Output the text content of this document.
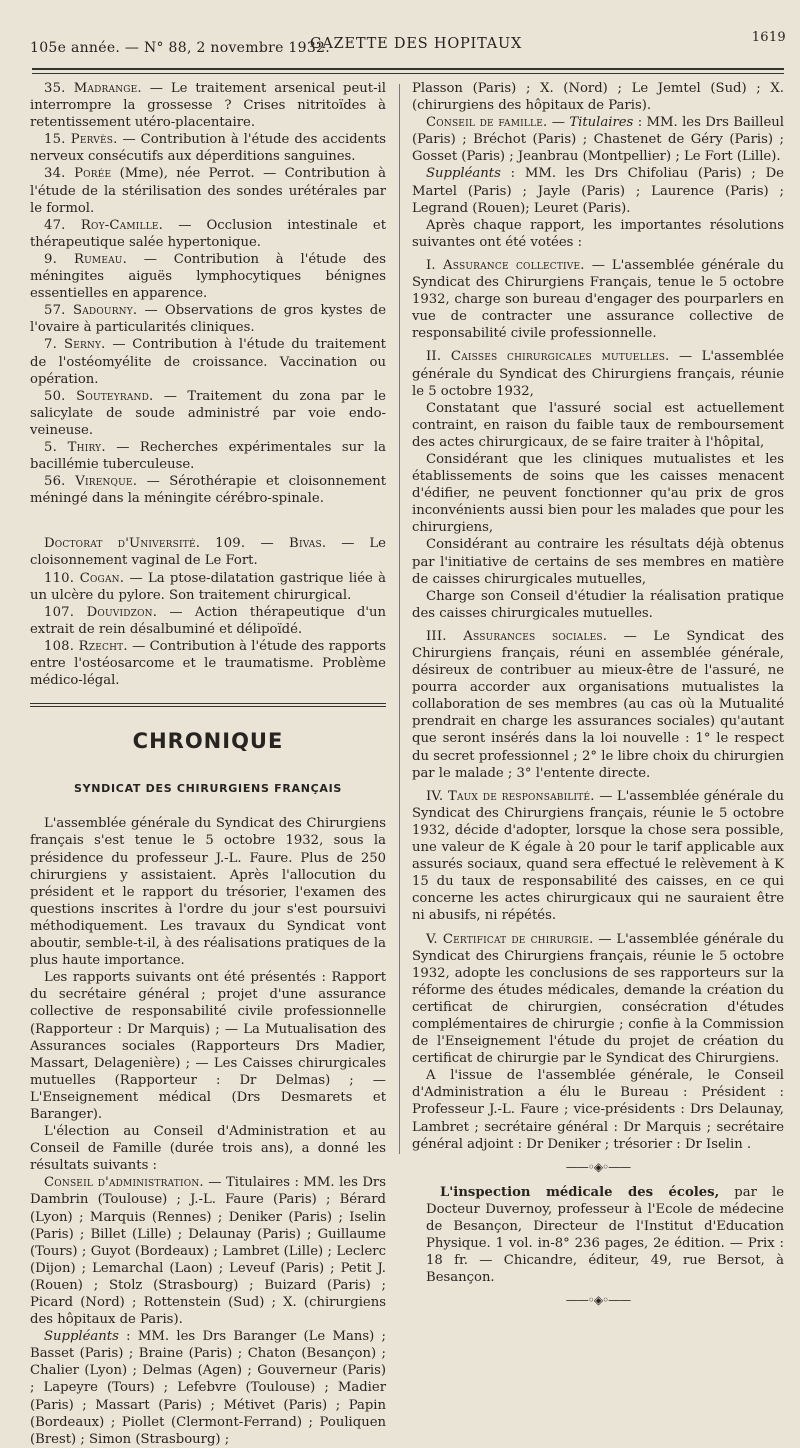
105e année. — N° 88, 2 novembre 1932.
GAZETTE DES HOPITAUX	1619

35. Madrange. — Le traitement arsenical peut-il interrompre la grossesse ? Crises nitritoïdes à retentissement utéro-placentaire.

15. Pervès. — Contribution à l'étude des accidents nerveux consécutifs aux déperditions sanguines.

34. Porée (Mme), née Perrot. — Contribution à l'étude de la stérilisation des sondes urétérales par le formol.

47. Roy-Camille. — Occlusion intestinale et thérapeutique salée hypertonique.

9. Rumeau. — Contribution à l'étude des méningites aiguës lymphocytiques bénignes essentielles en apparence.

57. Sadourny. — Observations de gros kystes de l'ovaire à particularités cliniques.

7. Serny. — Contribution à l'étude du traitement de l'ostéomyélite de croissance. Vaccination ou opération.

50. Souteyrand. — Traitement du zona par le salicylate de soude administré par voie endo-veineuse.

5. Thiry. — Recherches expérimentales sur la bacillémie tuberculeuse.

56. Virenque. — Sérothérapie et cloisonnement méningé dans la méningite cérébro-spinale.

Doctorat d'Université. 109. — Bivas. — Le cloisonnement vaginal de Le Fort.

110. Cogan. — La ptose-dilatation gastrique liée à un ulcère du pylore. Son traitement chirurgical.

107. Douvidzon. — Action thérapeutique d'un extrait de rein désalbuminé et délipoïdé.

108. Rzecht. — Contribution à l'étude des rapports entre l'ostéosarcome et le traumatisme. Problème médico-légal.

CHRONIQUE
SYNDICAT DES CHIRURGIENS FRANÇAIS

L'assemblée générale du Syndicat des Chirurgiens français s'est tenue le 5 octobre 1932, sous la présidence du professeur J.-L. Faure. Plus de 250 chirurgiens y assistaient. Après l'allocution du président et le rapport du trésorier, l'examen des questions inscrites à l'ordre du jour s'est poursuivi méthodiquement. Les travaux du Syndicat vont aboutir, semble-t-il, à des réalisations pratiques de la plus haute importance.

Les rapports suivants ont été présentés : Rapport du secrétaire général ; projet d'une assurance collective de responsabilité civile professionnelle (Rapporteur : Dr Marquis) ; — La Mutualisation des Assurances sociales (Rapporteurs Drs Madier, Massart, Delagenière) ; — Les Caisses chirurgicales mutuelles (Rapporteur : Dr Delmas) ; — L'Enseignement médical (Drs Desmarets et Baranger).

L'élection au Conseil d'Administration et au Conseil de Famille (durée trois ans), a donné les résultats suivants :

Conseil d'administration. — Titulaires : MM. les Drs Dambrin (Toulouse) ; J.-L. Faure (Paris) ; Bérard (Lyon) ; Marquis (Rennes) ; Deniker (Paris) ; Iselin (Paris) ; Billet (Lille) ; Delaunay (Paris) ; Guillaume (Tours) ; Guyot (Bordeaux) ; Lambret (Lille) ; Leclerc (Dijon) ; Lemarchal (Laon) ; Leveuf (Paris) ; Petit J. (Rouen) ; Stolz (Strasbourg) ; Buizard (Paris) ; Picard (Nord) ; Rottenstein (Sud) ; X. (chirurgiens des hôpitaux de Paris).

Suppléants : MM. les Drs Baranger (Le Mans) ; Basset (Paris) ; Braine (Paris) ; Chaton (Besançon) ; Chalier (Lyon) ; Delmas (Agen) ; Gouverneur (Paris) ; Lapeyre (Tours) ; Lefebvre (Toulouse) ; Madier (Paris) ; Massart (Paris) ; Métivet (Paris) ; Papin (Bordeaux) ; Piollet (Clermont-Ferrand) ; Pouliquen (Brest) ; Simon (Strasbourg) ;

Plasson (Paris) ; X. (Nord) ; Le Jemtel (Sud) ; X. (chirurgiens des hôpitaux de Paris).

Conseil de famille. — Titulaires : MM. les Drs Bailleul (Paris) ; Bréchot (Paris) ; Chastenet de Géry (Paris) ; Gosset (Paris) ; Jeanbrau (Montpellier) ; Le Fort (Lille).

Suppléants : MM. les Drs Chifoliau (Paris) ; De Martel (Paris) ; Jayle (Paris) ; Laurence (Paris) ; Legrand (Rouen); Leuret (Paris).

Après chaque rapport, les importantes résolutions suivantes ont été votées :

I. Assurance collective. — L'assemblée générale du Syndicat des Chirurgiens Français, tenue le 5 octobre 1932, charge son bureau d'engager des pourparlers en vue de contracter une assurance collective de responsabilité civile professionnelle.

II. Caisses chirurgicales mutuelles. — L'assemblée générale du Syndicat des Chirurgiens français, réunie le 5 octobre 1932,

Constatant que l'assuré social est actuellement contraint, en raison du faible taux de remboursement des actes chirurgicaux, de se faire traiter à l'hôpital,

Considérant que les cliniques mutualistes et les établissements de soins que les caisses menacent d'édifier, ne peuvent fonctionner qu'au prix de gros inconvénients aussi bien pour les malades que pour les chirurgiens,

Considérant au contraire les résultats déjà obtenus par l'initiative de certains de ses membres en matière de caisses chirurgicales mutuelles,

Charge son Conseil d'étudier la réalisation pratique des caisses chirurgicales mutuelles.

III. Assurances sociales. — Le Syndicat des Chirurgiens français, réuni en assemblée générale, désireux de contribuer au mieux-être de l'assuré, ne pourra accorder aux organisations mutualistes la collaboration de ses membres (au cas où la Mutualité prendrait en charge les assurances sociales) qu'autant que seront insérés dans la loi nouvelle : 1° le respect du secret professionnel ; 2° le libre choix du chirurgien par le malade ; 3° l'entente directe.

IV. Taux de responsabilité. — L'assemblée générale du Syndicat des Chirurgiens français, réunie le 5 octobre 1932, décide d'adopter, lorsque la chose sera possible, une valeur de K égale à 20 pour le tarif applicable aux assurés sociaux, quand sera effectué le relèvement à K 15 du taux de responsabilité des caisses, en ce qui concerne les actes chirurgicaux qui ne sauraient être ni abusifs, ni répétés.

V. Certificat de chirurgie. — L'assemblée générale du Syndicat des Chirurgiens français, réunie le 5 octobre 1932, adopte les conclusions de ses rapporteurs sur la réforme des études médicales, demande la création du certificat de chirurgien, consécration d'études complémentaires de chirurgie ; confie à la Commission de l'Enseignement l'étude du projet de création du certificat de chirurgie par le Syndicat des Chirurgiens.

A l'issue de l'assemblée générale, le Conseil d'Administration a élu le Bureau : Président : Professeur J.-L. Faure ; vice-présidents : Drs Delaunay, Lambret ; secrétaire général : Dr Marquis ; secrétaire général adjoint : Dr Deniker ; trésorier : Dr Iselin .

——◦◈◦——

L'inspection médicale des écoles, par le Docteur Duvernoy, professeur à l'Ecole de médecine de Besançon, Directeur de l'Institut d'Education Physique. 1 vol. in-8° 236 pages, 2e édition. — Prix : 18 fr. — Chicandre, éditeur, 49, rue Bersot, à Besançon.

——◦◈◦——
